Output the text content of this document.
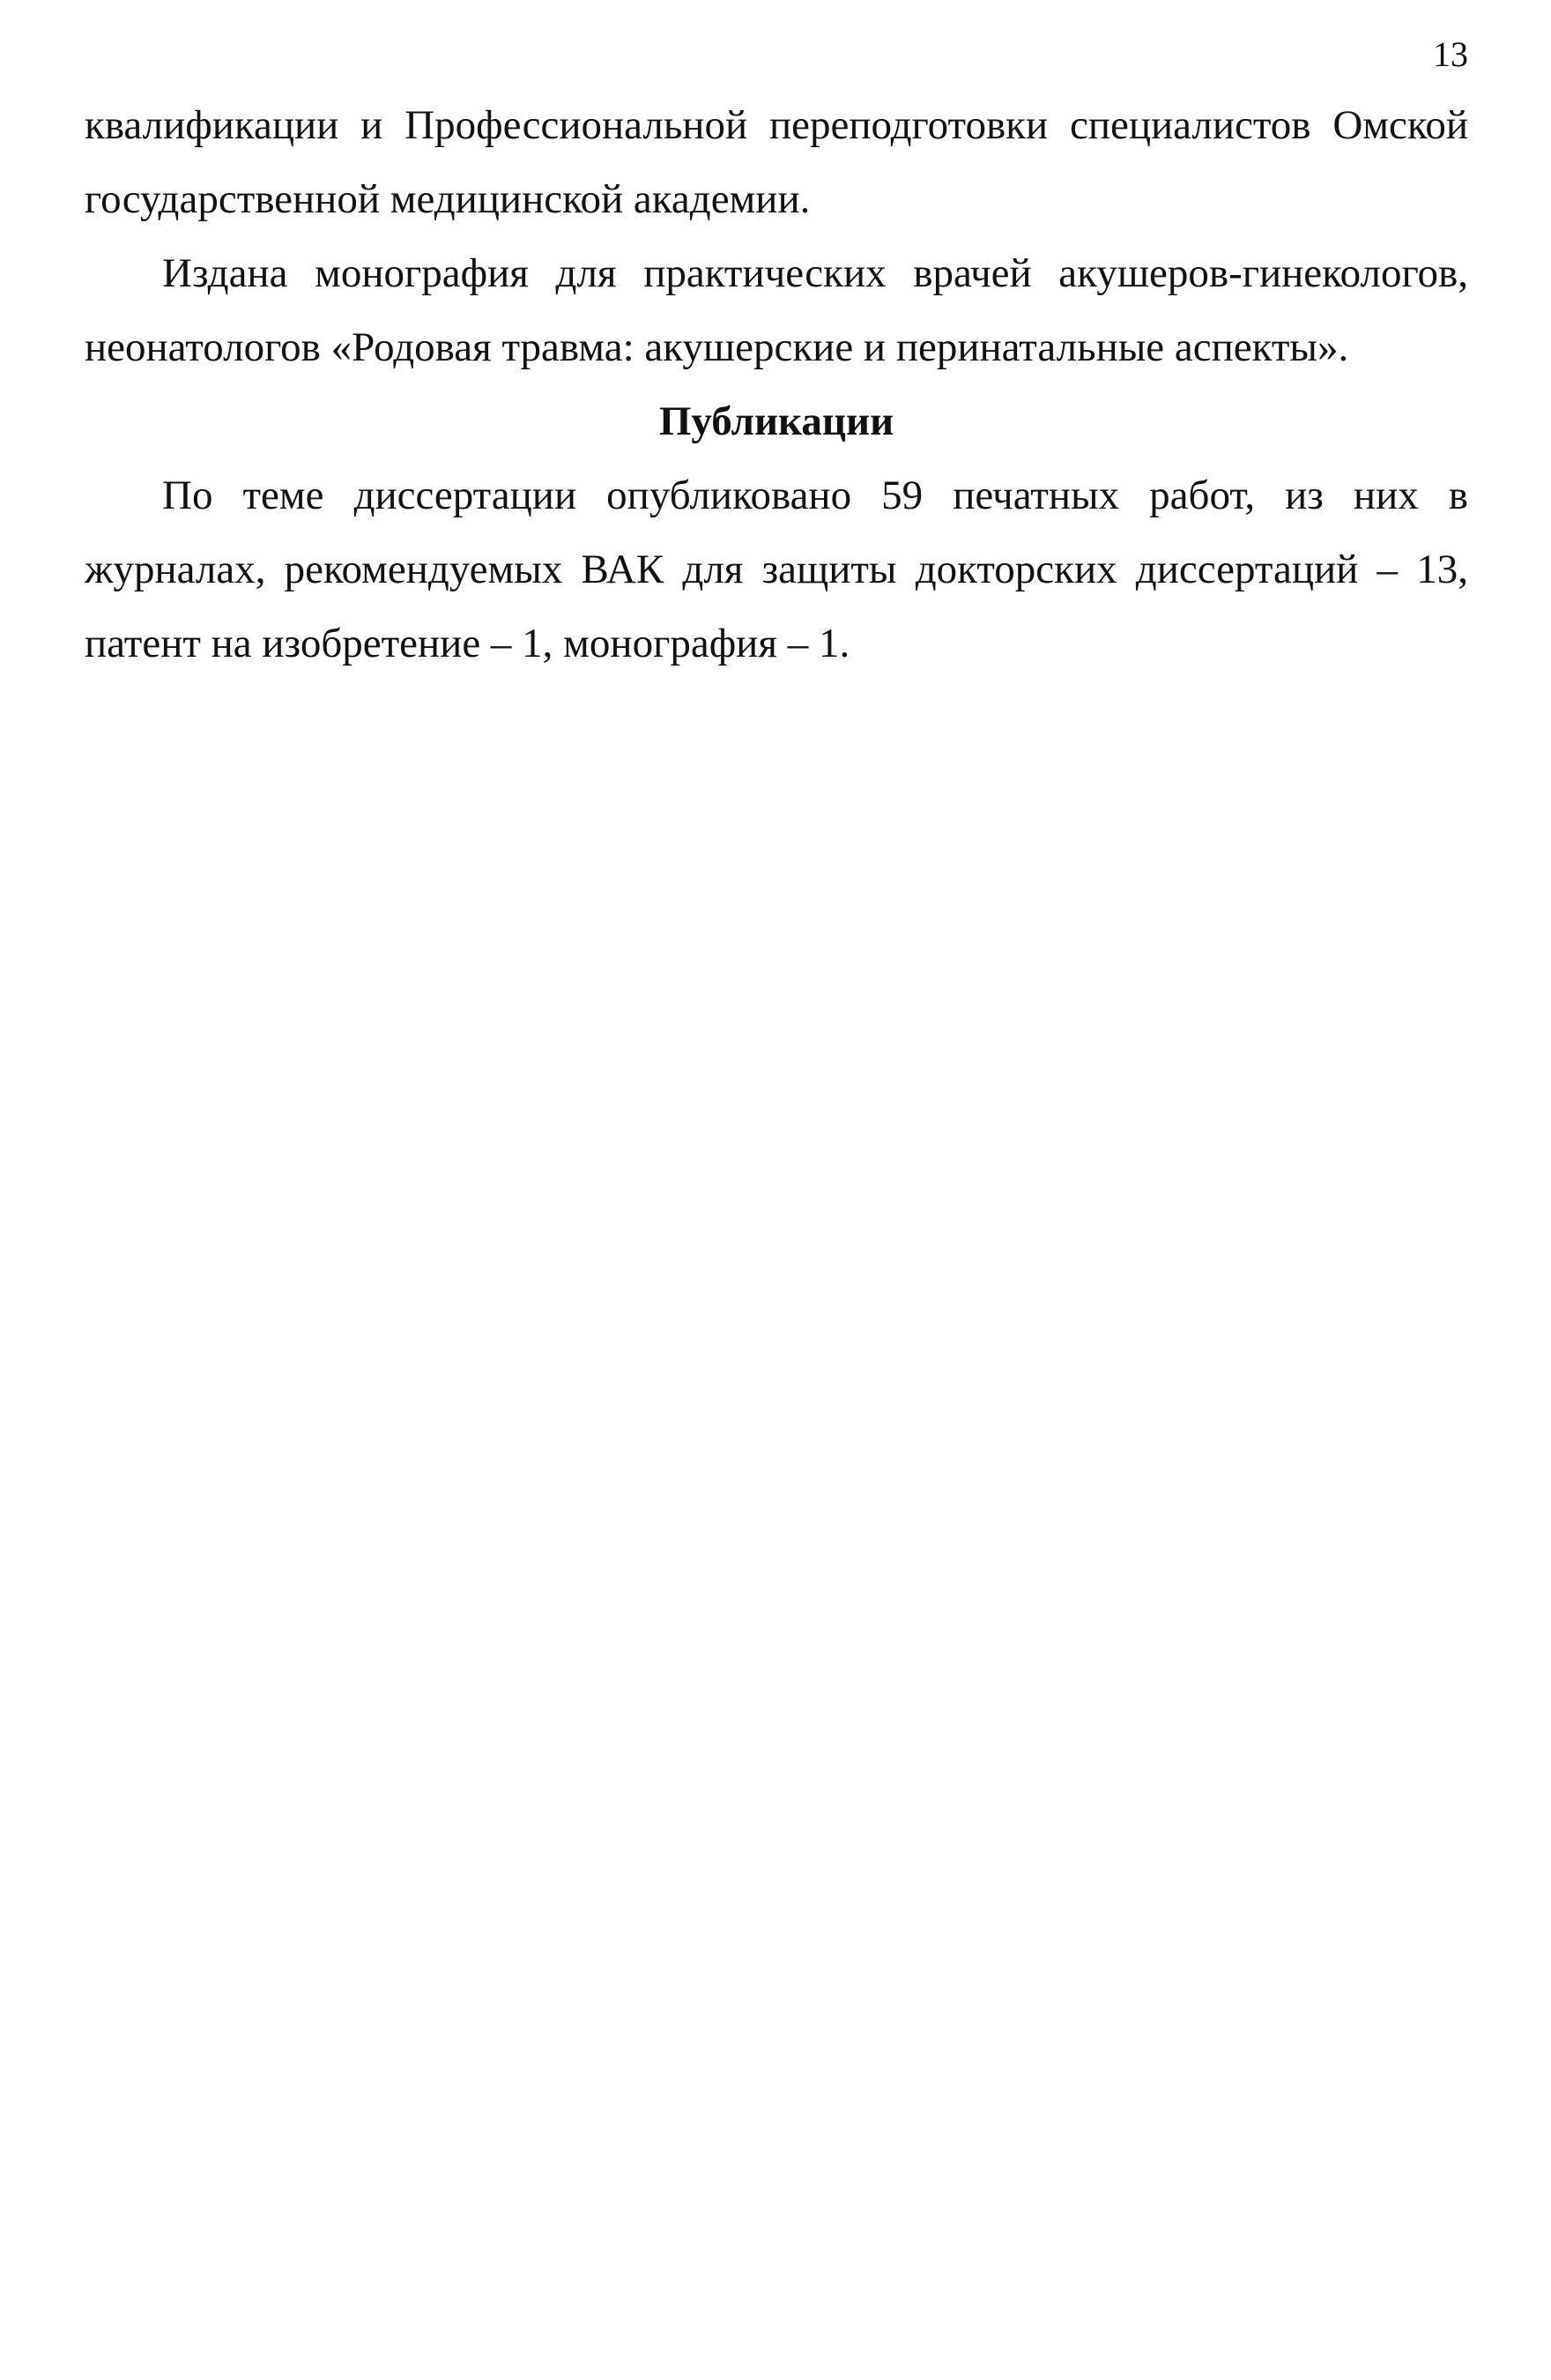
13

квалификации и Профессиональной переподготовки специалистов Омской государственной медицинской академии.

Издана монография для практических врачей акушеров-гинекологов, неонатологов «Родовая травма: акушерские и перинатальные аспекты».

Публикации

По теме диссертации опубликовано 59 печатных работ, из них в журналах, рекомендуемых ВАК для защиты докторских диссертаций – 13, патент на изобретение – 1, монография – 1.
